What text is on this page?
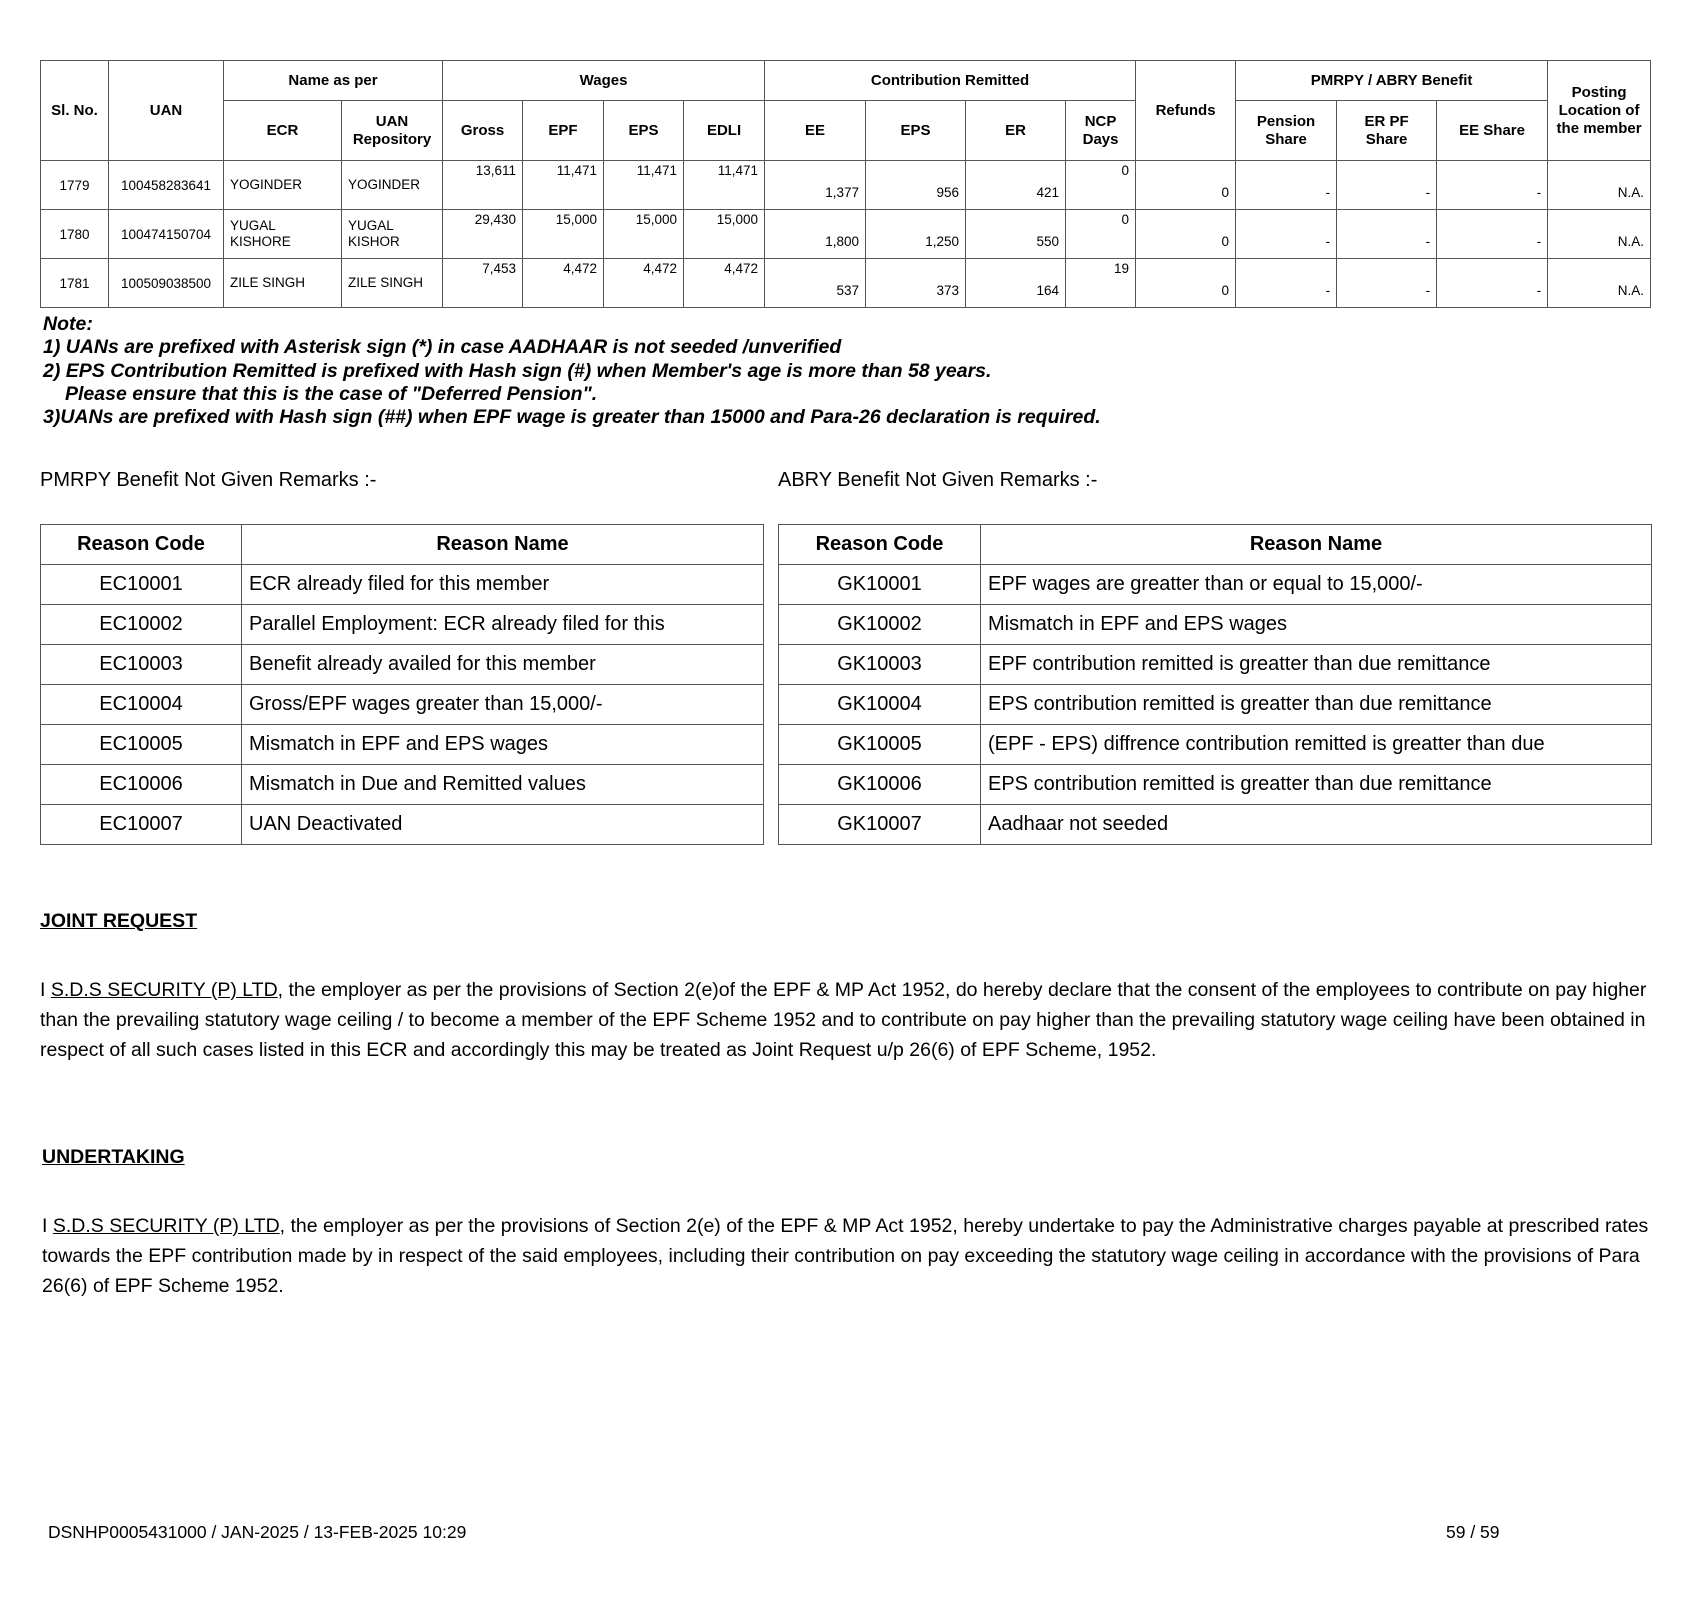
Sl. No.	UAN	Name as per		Wages				Contribution Remitted				Refunds	PMRPY / ABRY Benefit			Posting Location of the member
		ECR	UAN Repository	Gross	EPF	EPS	EDLI	EE	EPS	ER	NCP Days		Pension Share	ER PF Share	EE Share	
1779	100458283641	YOGINDER	YOGINDER	13,611	11,471	11,471	11,471	1,377	956	421	0	0	-	-	-	N.A.
1780	100474150704	YUGAL KISHORE	YUGAL KISHOR	29,430	15,000	15,000	15,000	1,800	1,250	550	0	0	-	-	-	N.A.
1781	100509038500	ZILE SINGH	ZILE SINGH	7,453	4,472	4,472	4,472	537	373	164	19	0	-	-	-	N.A.
Note:
1) UANs are prefixed with Asterisk sign (*) in case AADHAAR is not seeded /unverified
2) EPS Contribution Remitted is prefixed with Hash sign (#) when Member's age is more than 58 years.
Please ensure that this is the case of "Deferred Pension".
3)UANs are prefixed with Hash sign (##) when EPF wage is greater than 15000 and Para-26 declaration is required.
PMRPY Benefit Not Given Remarks :-	ABRY Benefit Not Given Remarks :-
Reason Code	Reason Name
EC10001	ECR already filed for this member
EC10002	Parallel Employment: ECR already filed for this
EC10003	Benefit already availed for this member
EC10004	Gross/EPF wages greater than 15,000/-
EC10005	Mismatch in EPF and EPS wages
EC10006	Mismatch in Due and Remitted values
EC10007	UAN Deactivated
Reason Code	Reason Name
GK10001	EPF wages are greatter than or equal to 15,000/-
GK10002	Mismatch in EPF and EPS wages
GK10003	EPF contribution remitted is greatter than due remittance
GK10004	EPS contribution remitted is greatter than due remittance
GK10005	(EPF - EPS) diffrence contribution remitted is greatter than due
GK10006	EPS contribution remitted is greatter than due remittance
GK10007	Aadhaar not seeded
JOINT REQUEST
I S.D.S SECURITY (P) LTD, the employer as per the provisions of Section 2(e)of the EPF & MP Act 1952, do hereby declare that the consent of the employees to contribute on pay higher than the prevailing statutory wage ceiling / to become a member of the EPF Scheme 1952 and to contribute on pay higher than the prevailing statutory wage ceiling have been obtained in respect of all such cases listed in this ECR and accordingly this may be treated as Joint Request u/p 26(6) of EPF Scheme, 1952.
UNDERTAKING
I S.D.S SECURITY (P) LTD, the employer as per the provisions of Section 2(e) of the EPF & MP Act 1952, hereby undertake to pay the Administrative charges payable at prescribed rates towards the EPF contribution made by in respect of the said employees, including their contribution on pay exceeding the statutory wage ceiling in accordance with the provisions of Para 26(6) of EPF Scheme 1952.
DSNHP0005431000 / JAN-2025 / 13-FEB-2025 10:29	59 / 59
